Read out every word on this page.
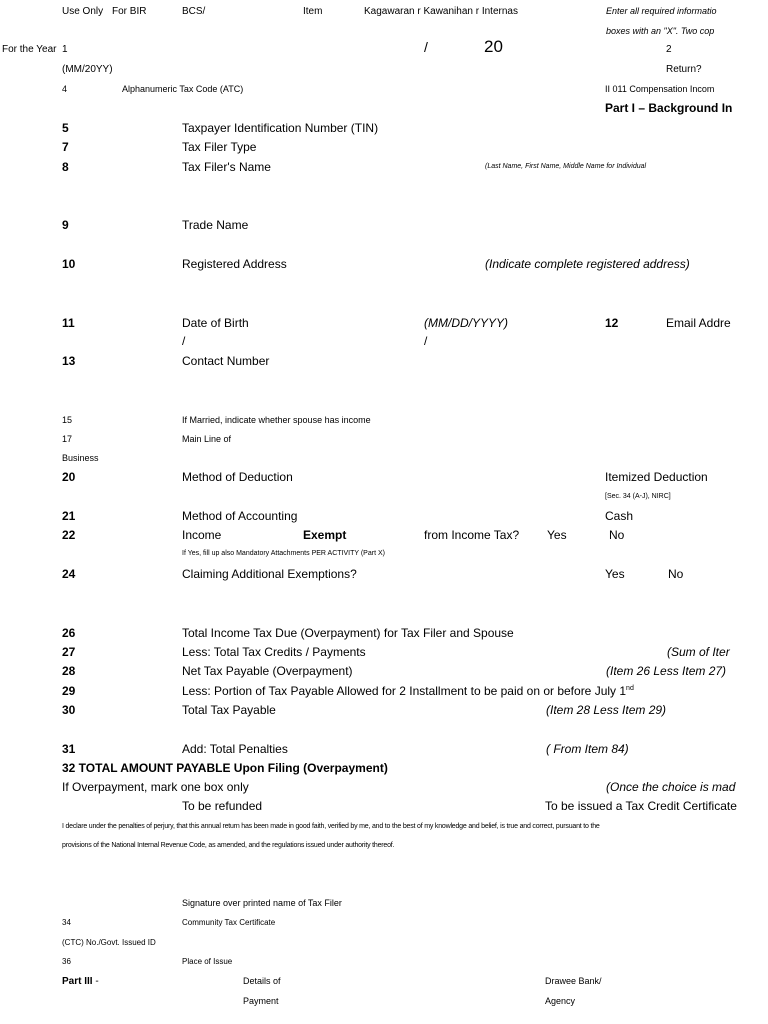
Use Only For BIR	BCS/	Item	Kagawaran r Kawanihan r Internas	Enter all required informatio
boxes with an "X". Two cop
For the Year 1	/	20	2
(MM/20YY)	Return?
4	Alphanumeric Tax Code (ATC)	II 011 Compensation Incom
Part I – Background In
5	Taxpayer Identification Number (TIN)
7	Tax Filer Type
8	Tax Filer's Name	(Last Name, First Name, Middle Name for Individual
9	Trade Name
10	Registered Address	(Indicate complete registered address)
11	Date of Birth	(MM/DD/YYYY)	12	Email Addre
/	/
13	Contact Number
15	If Married, indicate whether spouse has income
17	Main Line of
Business
20	Method of Deduction	Itemized Deduction
[Sec. 34 (A-J), NIRC]
21	Method of Accounting	Cash
22	Income	Exempt	from Income Tax? Yes	No
If Yes, fill up also Mandatory Attachments PER ACTIVITY (Part X)
24	Claiming Additional Exemptions?	Yes	No
26	Total Income Tax Due (Overpayment) for Tax Filer and Spouse
27	Less: Total Tax Credits / Payments	(Sum of Iter
28	Net Tax Payable (Overpayment)	(Item 26 Less Item 27)
29	Less: Portion of Tax Payable Allowed for 2 Installment to be paid on or before July 1nd
30	Total Tax Payable	(Item 28 Less Item 29)
31	Add: Total Penalties	( From Item 84)
32 TOTAL AMOUNT PAYABLE Upon Filing (Overpayment)
If Overpayment, mark one box only	(Once the choice is mad
To be refunded	To be issued a Tax Credit Certificate
I declare under the penalties of perjury, that this annual return has been made in good faith, verified by me, and to the best of my knowledge and belief, is true and correct, pursuant to the
provisions of the National Internal Revenue Code, as amended, and the regulations issued under authority thereof.
Signature over printed name of Tax Filer
34	Community Tax Certificate
(CTC) No./Govt. Issued ID
36	Place of Issue
Part III -	Details of
Payment
Drawee Bank/
Agency
